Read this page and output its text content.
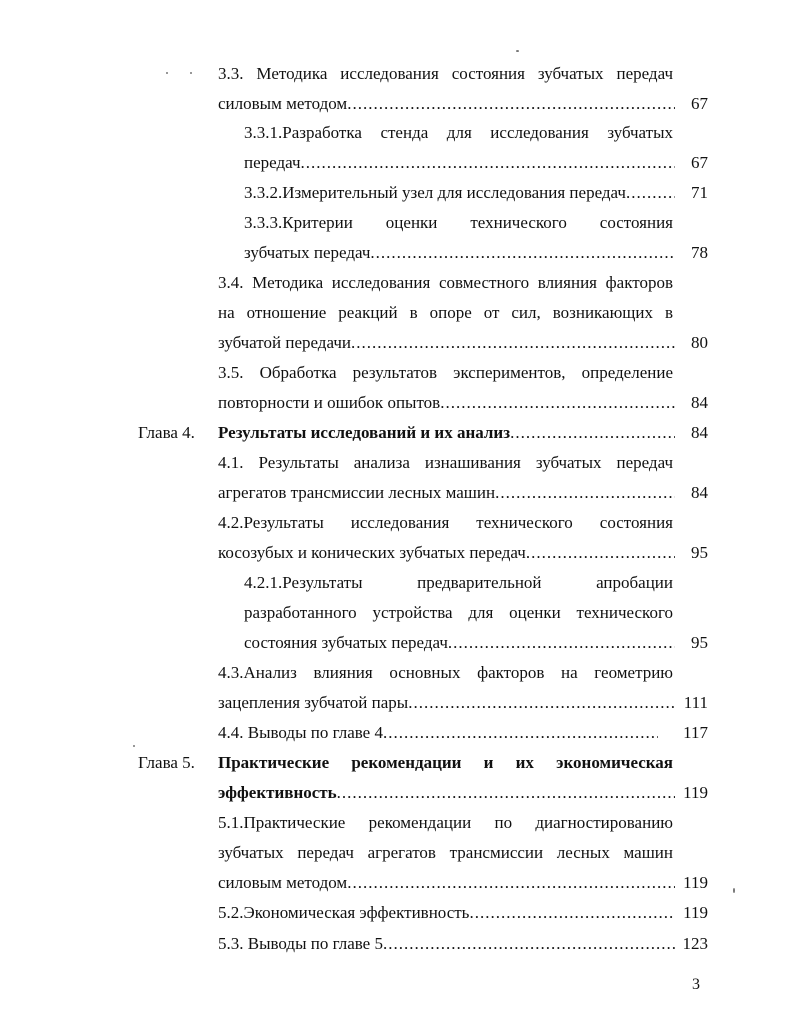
3.3. Методика исследования состояния зубчатых передач
силовым методом .....	67
3.3.1.Разработка стенда для исследования зубчатых
передач .....	67
3.3.2.Измерительный узел для исследования передач .....	71
3.3.3.Критерии оценки технического состояния
зубчатых передач .....	78
3.4. Методика исследования совместного влияния факторов
на отношение реакций в опоре от сил, возникающих в
зубчатой передачи .....	80
3.5. Обработка результатов экспериментов, определение
повторности и ошибок опытов .....	84
Глава 4. Результаты исследований и их анализ .....	84
4.1. Результаты анализа изнашивания зубчатых передач
агрегатов трансмиссии лесных машин .....	84
4.2.Результаты исследования технического состояния
косозубых и конических зубчатых передач .....	95
4.2.1.Результаты предварительной апробации
разработанного устройства для оценки технического
состояния зубчатых передач .....	95
4.3.Анализ влияния основных факторов на геометрию
зацепления зубчатой пары .....	111
4.4. Выводы по главе 4 .....	117
Глава 5. Практические рекомендации и их экономическая
эффективность .....	119
5.1.Практические рекомендации по диагностированию
зубчатых передач агрегатов трансмиссии лесных машин
силовым методом .....	119
5.2.Экономическая эффективность .....	119
5.3. Выводы по главе 5 .....	123
3
